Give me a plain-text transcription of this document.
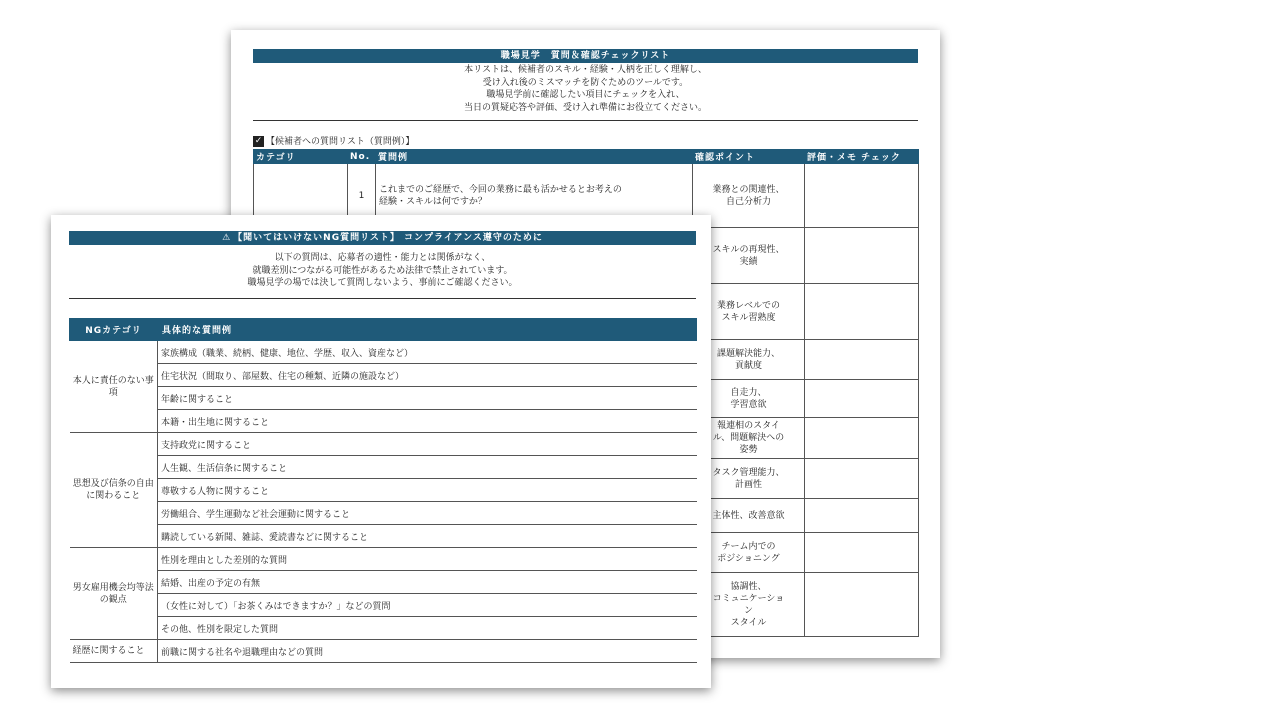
職場見学　質問＆確認チェックリスト
本リストは、候補者のスキル・経験・人柄を正しく理解し、
受け入れ後のミスマッチを防ぐためのツールです。
職場見学前に確認したい項目にチェックを入れ、
当日の質疑応答や評価、受け入れ準備にお役立てください。
✓ 【候補者への質問リスト（質問例）】
カテゴリ	No.	質問例	確認ポイント	評価・メモ チェック
	1	これまでのご経歴で、今回の業務に最も活かせるとお考えの
経験・スキルは何ですか？	業務との関連性、
自己分析力	
			スキルの再現性、
実績	
			業務レベルでの
スキル習熟度	
			課題解決能力、
貢献度	
			自走力、
学習意欲	
			報連相のスタイ
ル、問題解決への
姿勢	
			タスク管理能力、
計画性	
			主体性、改善意欲	
			チーム内での
ポジショニング	
			協調性、
コミュニケーショ
ン
スタイル	
⚠ 【聞いてはいけないNG質問リスト】 コンプライアンス遵守のために
以下の質問は、応募者の適性・能力とは関係がなく、
就職差別につながる可能性があるため法律で禁止されています。
職場見学の場では決して質問しないよう、事前にご確認ください。
NGカテゴリ	具体的な質問例
本人に責任のない事項	家族構成（職業、続柄、健康、地位、学歴、収入、資産など）
	住宅状況（間取り、部屋数、住宅の種類、近隣の施設など）
	年齢に関すること
	本籍・出生地に関すること
思想及び信条の自由に関わること	支持政党に関すること
	人生観、生活信条に関すること
	尊敬する人物に関すること
	労働組合、学生運動など社会運動に関すること
	購読している新聞、雑誌、愛読書などに関すること
男女雇用機会均等法の観点	性別を理由とした差別的な質問
	結婚、出産の予定の有無
	（女性に対して）「お茶くみはできますか？」などの質問
	その他、性別を限定した質問
経歴に関すること	前職に関する社名や退職理由などの質問
